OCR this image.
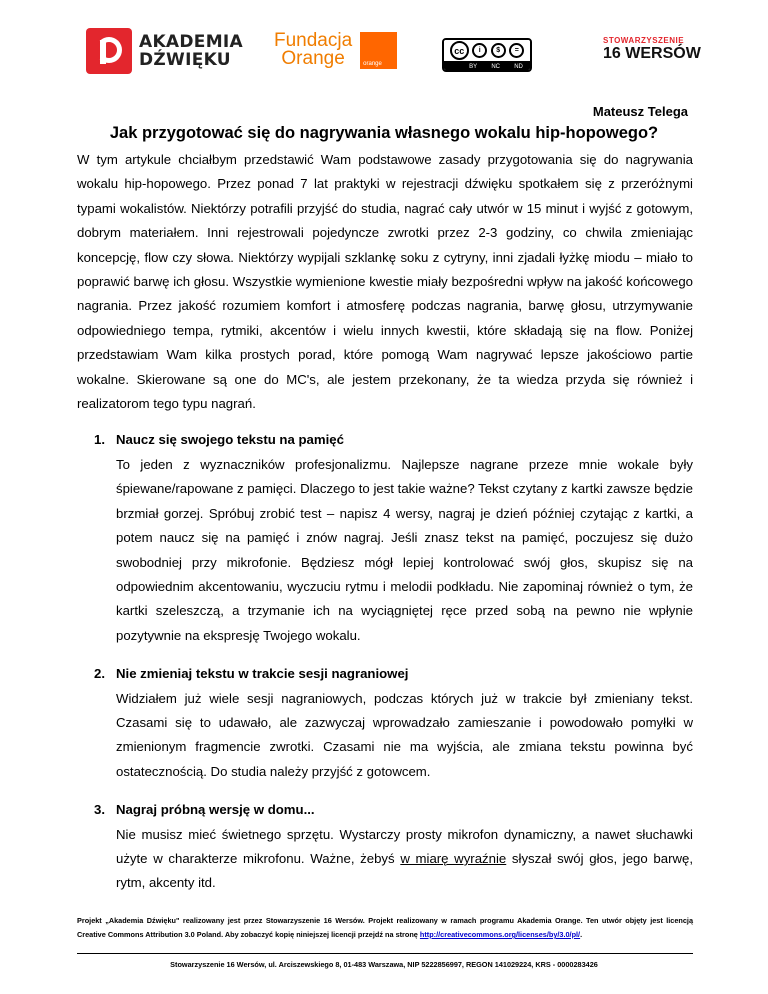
AKADEMIA
DŹWIĘKU
Fundacja
Orange	orange
cc	i	$	=
BY NC ND
STOWARZYSZENIE
16 WERSÓW
Mateusz Telega
Jak przygotować się do nagrywania własnego wokalu hip-hopowego?

W tym artykule chciałbym przedstawić Wam podstawowe zasady przygotowania się do nagrywania wokalu hip-hopowego. Przez ponad 7 lat praktyki w rejestracji dźwięku spotkałem się z przeróżnymi typami wokalistów. Niektórzy potrafili przyjść do studia, nagrać cały utwór w 15 minut i wyjść z gotowym, dobrym materiałem. Inni rejestrowali pojedyncze zwrotki przez 2-3 godziny, co chwila zmieniając koncepcję, flow czy słowa. Niektórzy wypijali szklankę soku z cytryny, inni zjadali łyżkę miodu – miało to poprawić barwę ich głosu. Wszystkie wymienione kwestie miały bezpośredni wpływ na jakość końcowego nagrania. Przez jakość rozumiem komfort i atmosferę podczas nagrania, barwę głosu, utrzymywanie odpowiedniego tempa, rytmiki, akcentów i wielu innych kwestii, które składają się na flow. Poniżej przedstawiam Wam kilka prostych porad, które pomogą Wam nagrywać lepsze jakościowo partie wokalne. Skierowane są one do MC's, ale jestem przekonany, że ta wiedza przyda się również i realizatorom tego typu nagrań.

1. Naucz się swojego tekstu na pamięć
To jeden z wyznaczników profesjonalizmu. Najlepsze nagrane przeze mnie wokale były śpiewane/rapowane z pamięci. Dlaczego to jest takie ważne? Tekst czytany z kartki zawsze będzie brzmiał gorzej. Spróbuj zrobić test – napisz 4 wersy, nagraj je dzień później czytając z kartki, a potem naucz się na pamięć i znów nagraj. Jeśli znasz tekst na pamięć, poczujesz się dużo swobodniej przy mikrofonie. Będziesz mógł lepiej kontrolować swój głos, skupisz się na odpowiednim akcentowaniu, wyczuciu rytmu i melodii podkładu. Nie zapominaj również o tym, że kartki szeleszczą, a trzymanie ich na wyciągniętej ręce przed sobą na pewno nie wpłynie pozytywnie na ekspresję Twojego wokalu.
2. Nie zmieniaj tekstu w trakcie sesji nagraniowej
Widziałem już wiele sesji nagraniowych, podczas których już w trakcie był zmieniany tekst. Czasami się to udawało, ale zazwyczaj wprowadzało zamieszanie i powodowało pomyłki w zmienionym fragmencie zwrotki. Czasami nie ma wyjścia, ale zmiana tekstu powinna być ostatecznością. Do studia należy przyjść z gotowcem.
3. Nagraj próbną wersję w domu...
Nie musisz mieć świetnego sprzętu. Wystarczy prosty mikrofon dynamiczny, a nawet słuchawki użyte w charakterze mikrofonu. Ważne, żebyś w miarę wyraźnie słyszał swój głos, jego barwę, rytm, akcenty itd.
Projekt „Akademia Dźwięku" realizowany jest przez Stowarzyszenie 16 Wersów. Projekt realizowany w ramach programu Akademia Orange. Ten utwór objęty jest licencją Creative Commons Attribution 3.0 Poland. Aby zobaczyć kopię niniejszej licencji przejdź na stronę http://creativecommons.org/licenses/by/3.0/pl/.
Stowarzyszenie 16 Wersów, ul. Arciszewskiego 8, 01-483 Warszawa, NIP 5222856997, REGON 141029224, KRS - 0000283426
